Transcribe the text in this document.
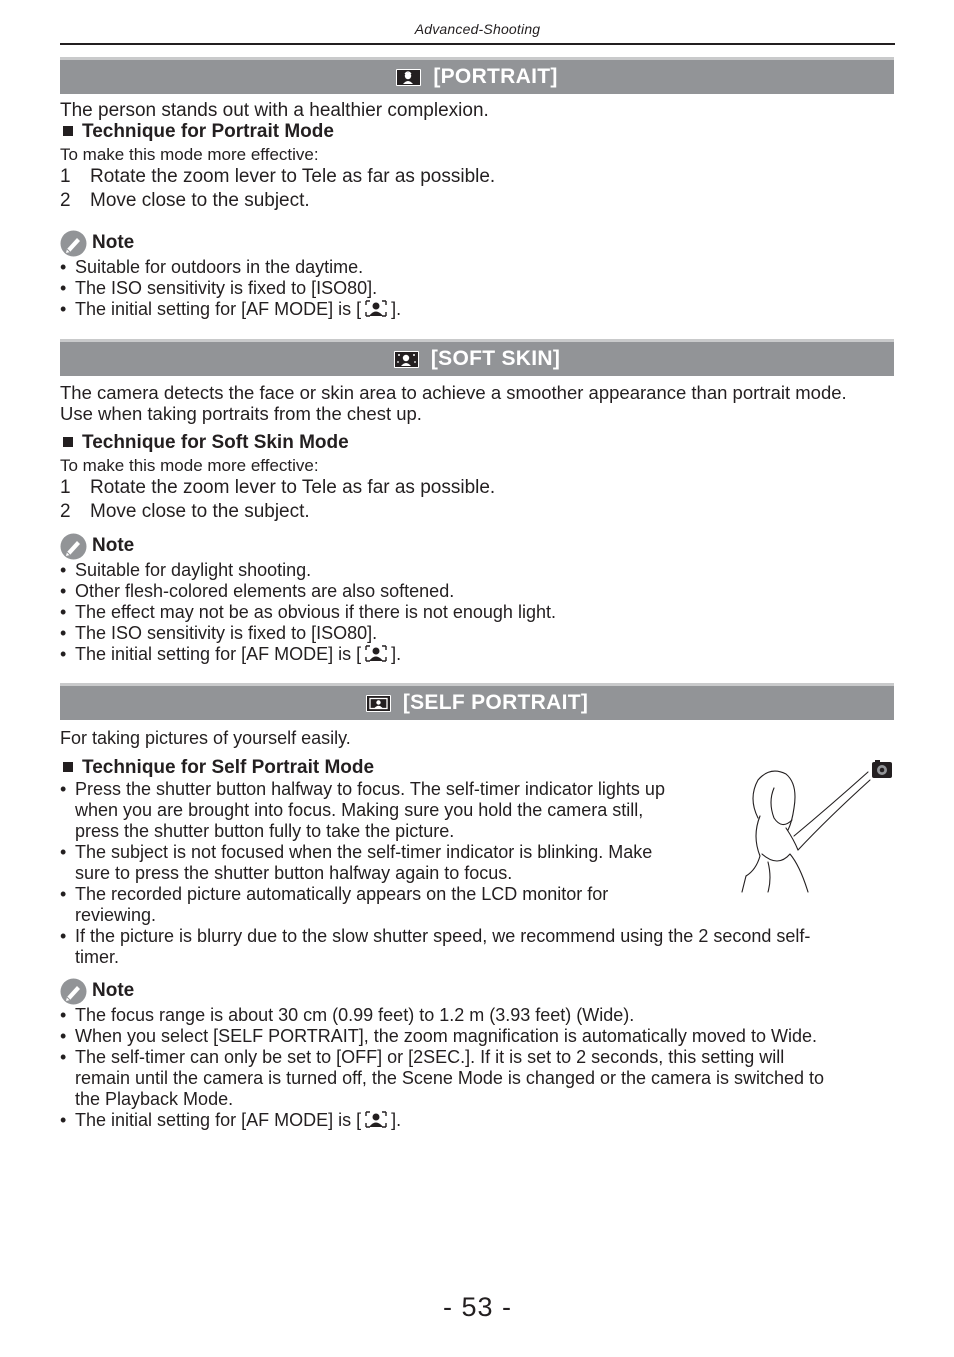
Advanced-Shooting
[PORTRAIT]
The person stands out with a healthier complexion.
Technique for Portrait Mode
To make this mode more effective:
1	Rotate the zoom lever to Tele as far as possible.
2	Move close to the subject.
Note
• Suitable for outdoors in the daytime.
• The ISO sensitivity is fixed to [ISO80].
• The initial setting for [AF MODE] is [ ].
[SOFT SKIN]
The camera detects the face or skin area to achieve a smoother appearance than portrait mode.
Use when taking portraits from the chest up.
Technique for Soft Skin Mode
To make this mode more effective:
1	Rotate the zoom lever to Tele as far as possible.
2	Move close to the subject.
Note
• Suitable for daylight shooting.
• Other flesh-colored elements are also softened.
• The effect may not be as obvious if there is not enough light.
• The ISO sensitivity is fixed to [ISO80].
• The initial setting for [AF MODE] is [ ].
[SELF PORTRAIT]
For taking pictures of yourself easily.
Technique for Self Portrait Mode
• Press the shutter button halfway to focus. The self-timer indicator lights up
when you are brought into focus. Making sure you hold the camera still,
press the shutter button fully to take the picture.
• The subject is not focused when the self-timer indicator is blinking. Make
sure to press the shutter button halfway again to focus.
• The recorded picture automatically appears on the LCD monitor for
reviewing.
• If the picture is blurry due to the slow shutter speed, we recommend using the 2 second self-
timer.
Note
• The focus range is about 30 cm (0.99 feet) to 1.2 m (3.93 feet) (Wide).
• When you select [SELF PORTRAIT], the zoom magnification is automatically moved to Wide.
• The self-timer can only be set to [OFF] or [2SEC.]. If it is set to 2 seconds, this setting will
remain until the camera is turned off, the Scene Mode is changed or the camera is switched to
the Playback Mode.
• The initial setting for [AF MODE] is [ ].
- 53 -
